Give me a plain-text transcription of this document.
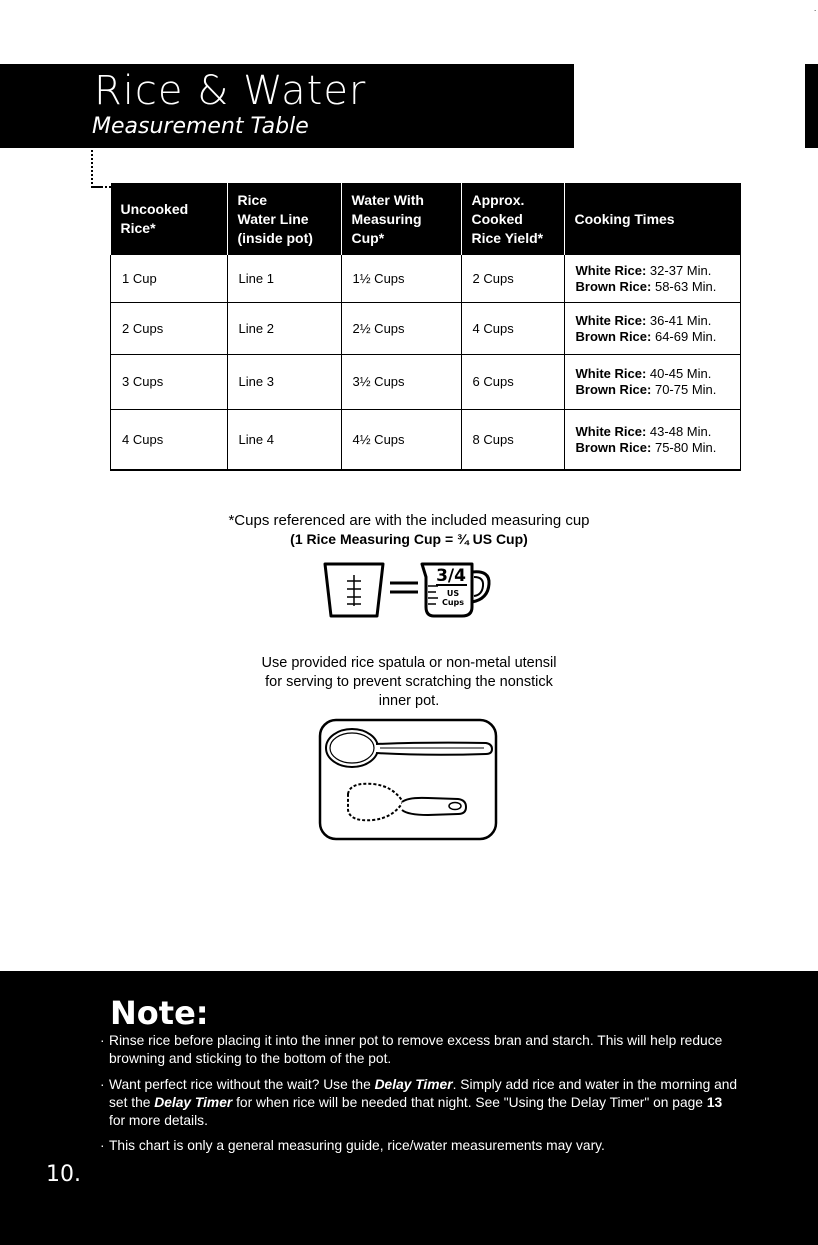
.
Rice & Water
Measurement Table
Uncooked
Rice*	Rice
Water Line
(inside pot)	Water With
Measuring
Cup*	Approx.
Cooked
Rice Yield*	Cooking Times
1 Cup	Line 1	1½ Cups	2 Cups	White Rice: 32-37 Min.
Brown Rice: 58-63 Min.
2 Cups	Line 2	2½ Cups	4 Cups	White Rice: 36-41 Min.
Brown Rice: 64-69 Min.
3 Cups	Line 3	3½ Cups	6 Cups	White Rice: 40-45 Min.
Brown Rice: 70-75 Min.
4 Cups	Line 4	4½ Cups	8 Cups	White Rice: 43-48 Min.
Brown Rice: 75-80 Min.
*Cups referenced are with the included measuring cup
(1 Rice Measuring Cup = ¾ US Cup)
3/4
US
Cups
Use provided rice spatula or non-metal utensil
for serving to prevent scratching the nonstick
inner pot.
Note:
· Rinse rice before placing it into the inner pot to remove excess bran and starch. This will help reduce browning and sticking to the bottom of the pot.
· Want perfect rice without the wait? Use the Delay Timer. Simply add rice and water in the morning and set the Delay Timer for when rice will be needed that night. See "Using the Delay Timer" on page 13 for more details.
· This chart is only a general measuring guide, rice/water measurements may vary.
10.
